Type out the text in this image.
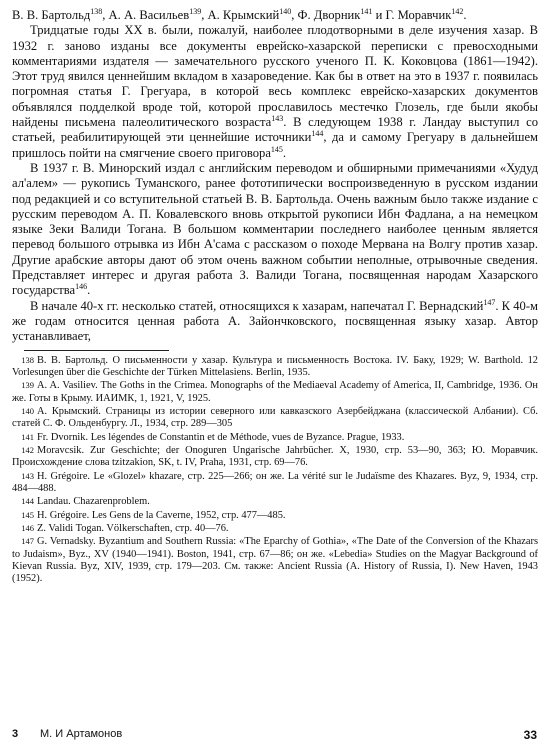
В. В. Бартольд$^{138}$, А. А. Васильев$^{139}$, А. Крымский$^{140}$, Ф. Дворник$^{141}$ и Г. Моравчик$^{142}$.

Тридцатые годы XX в. были, пожалуй, наиболее плодотворными в деле изучения хазар. В 1932 г. заново изданы все документы еврейско-хазарской переписки с превосходными комментариями издателя — замечательного русского ученого П. К. Коковцова (1861—1942). Этот труд явился ценнейшим вкладом в хазароведение. Как бы в ответ на это в 1937 г. появилась погромная статья Г. Грегуара, в которой весь комплекс еврейско-хазарских документов объявлялся подделкой вроде той, которой прославилось местечко Глозель, где были якобы найдены письмена палеолитического возраста$^{143}$. В следующем 1938 г. Ландау выступил со статьей, реабилитирующей эти ценнейшие источники$^{144}$, да и самому Грегуару в дальнейшем пришлось пойти на смягчение своего приговора$^{145}$.

В 1937 г. В. Минорский издал с английским переводом и обширными примечаниями «Худуд ал'алем» — рукопись Туманского, ранее фототипически воспроизведенную в русском издании под редакцией и со вступительной статьей В. В. Бартольда. Очень важным было также издание с русским переводом А. П. Ковалевского вновь открытой рукописи Ибн Фадлана, а на немецком языке Зеки Валиди Тогана. В большом комментарии последнего наиболее ценным является перевод большого отрывка из Ибн А'сама с рассказом о походе Мервана на Волгу против хазар. Другие арабские авторы дают об этом очень важном событии неполные, отрывочные сведения. Представляет интерес и другая работа З. Валиди Тогана, посвященная народам Хазарского государства$^{146}$.

В начале 40-х гг. несколько статей, относящихся к хазарам, напечатал Г. Вернадский$^{147}$. К 40-м же годам относится ценная работа А. Зайончковского, посвященная языку хазар. Автор устанавливает,

138 В. В. Бартольд. О письменности у хазар. Культура и письменность Востока. IV. Баку, 1929; W. Barthold. 12 Vorlesungen über die Geschichte der Türken Mittelasiens. Berlin, 1935.

139 A. A. Vasiliev. The Goths in the Crimea. Monographs of the Mediaeval Academy of America, II, Cambridge, 1936. Он же. Готы в Крыму. ИАИМК, 1, 1921, V, 1925.

140 А. Крымский. Страницы из истории северного или кавказского Азербейджана (классической Албании). Сб. статей С. Ф. Ольденбургу. Л., 1934, стр. 289—305

141 Fr. Dvornik. Les légendes de Constantin et de Méthode, vues de Byzance. Prague, 1933.

142 Moravcsik. Zur Geschichte; der Onoguren Ungarische Jahrbücher. X, 1930, стр. 53—90, 363; Ю. Моравчик. Происхождение слова tzitzakion, SK, t. IV, Praha, 1931, стр. 69—76.

143 H. Grégoire. Le «Glozel» khazare, стр. 225—266; он же. La vérité sur le Judaïsme des Khazares. Byz, 9, 1934, стр. 484—488.

144 Landau. Chazarenproblem.

145 H. Grégoire. Les Gens de la Caverne, 1952, стр. 477—485.

146 Z. Validi Togan. Völkerschaften, стр. 40—76.

147 G. Vernadsky. Byzantium and Southern Russia: «The Eparchy of Gothia», «The Date of the Conversion of the Khazars to Judaism», Byz., XV (1940—1941). Boston, 1941, стр. 67—86; он же. «Lebedia» Studies on the Magyar Background of Kievan Russia. Byz, XIV, 1939, стр. 179—203. См. также: Ancient Russia (A. History of Russia, I). New Haven, 1943 (1952).

3 М. И Артамонов	33
